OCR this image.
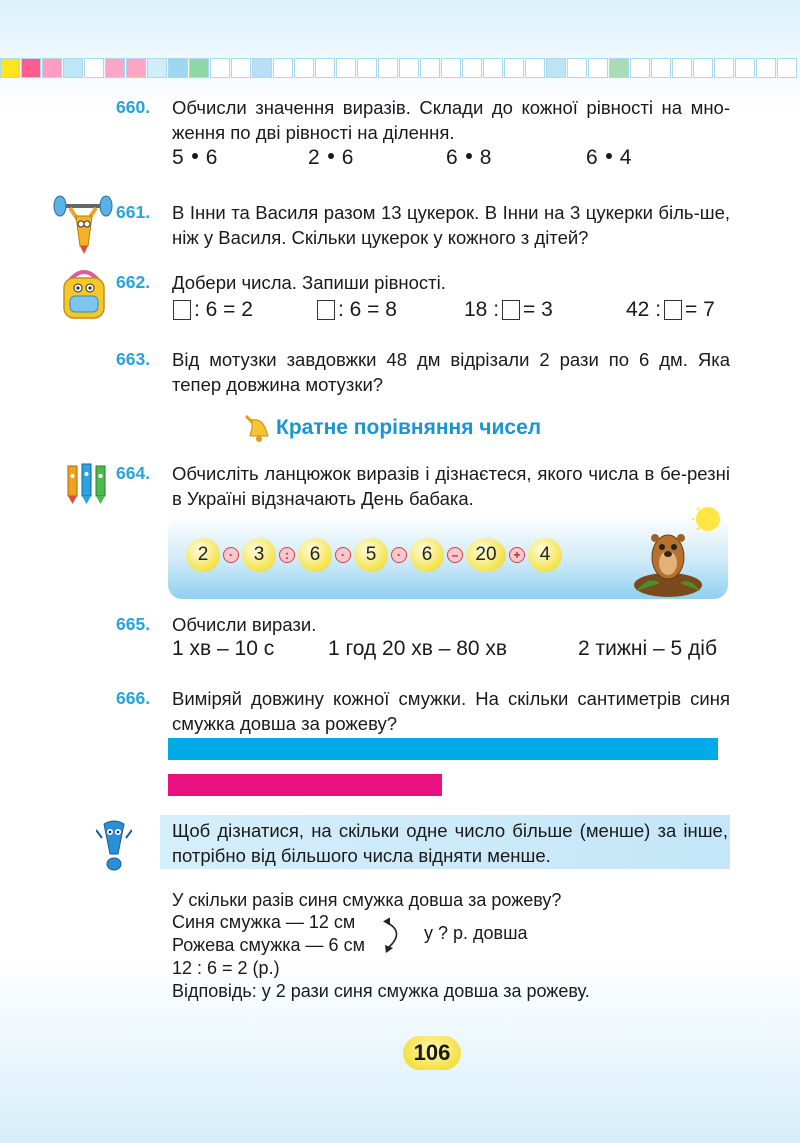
660. Обчисли значення виразів. Склади до кожної рівності на мно-ження по дві рівності на ділення.
5 6	2 6	6 8	6 4
661. В Інни та Василя разом 13 цукерок. В Інни на 3 цукерки біль-ше, ніж у Василя. Скільки цукерок у кожного з дітей?
662. Добери числа. Запиши рівності.
: 6 = 2	: 6 = 8	18 : = 3	42 : = 7
663. Від мотузки завдовжки 48 дм відрізали 2 рази по 6 дм. Яка тепер довжина мотузки?
Кратне порівняння чисел
664. Обчисліть ланцюжок виразів і дізнаєтеся, якого числа в бе-резні в Україні відзначають День бабака.
2	·	3	:	6	·	5	·	6	– 20	+	4
665. Обчисли вирази.
1 хв – 10 с	1 год 20 хв – 80 хв	2 тижні – 5 діб
666. Виміряй довжину кожної смужки. На скільки сантиметрів синя смужка довша за рожеву?
Щоб дізнатися, на скільки одне число більше (менше) за інше, потрібно від більшого числа відняти менше.
У скільки разів синя смужка довша за рожеву?
Синя смужка — 12 см
Рожева смужка — 6 см
у ? р. довша
12 : 6 = 2 (р.)
Відповідь: у 2 рази синя смужка довша за рожеву.
106
